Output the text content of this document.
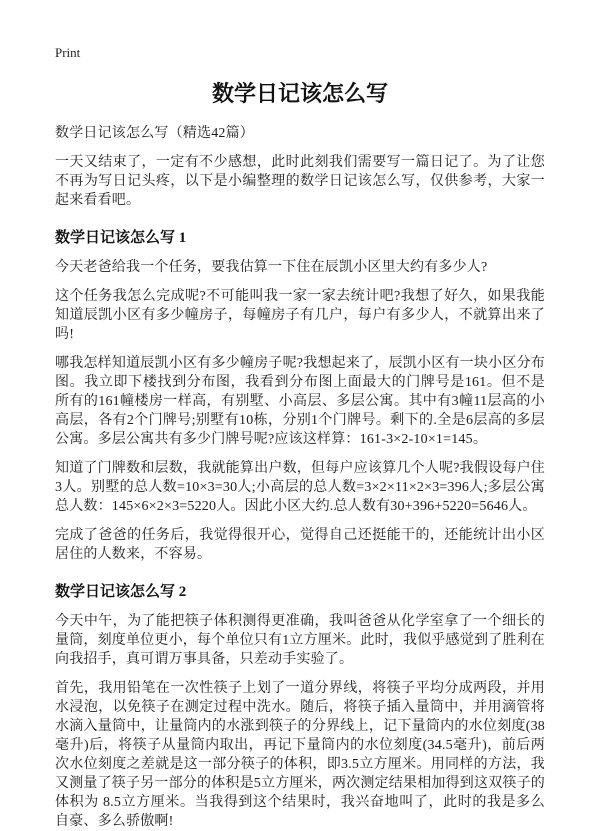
Print
数学日记该怎么写

数学日记该怎么写（精选42篇）

一天又结束了，一定有不少感想，此时此刻我们需要写一篇日记了。为了让您不再为写日记头疼，以下是小编整理的数学日记该怎么写，仅供参考，大家一起来看看吧。

数学日记该怎么写 1

今天老爸给我一个任务，要我估算一下住在辰凯小区里大约有多少人?

这个任务我怎么完成呢?不可能叫我一家一家去统计吧?我想了好久，如果我能知道辰凯小区有多少幢房子，每幢房子有几户，每户有多少人，不就算出来了吗!

哪我怎样知道辰凯小区有多少幢房子呢?我想起来了，辰凯小区有一块小区分布图。我立即下楼找到分布图，我看到分布图上面最大的门牌号是161。但不是所有的161幢楼房一样高，有别墅、小高层、多层公寓。其中有3幢11层高的小高层，各有2个门牌号;别墅有10栋，分别1个门牌号。剩下的.全是6层高的多层公寓。多层公寓共有多少门牌号呢?应该这样算：161-3×2-10×1=145。

知道了门牌数和层数，我就能算出户数，但每户应该算几个人呢?我假设每户住3人。别墅的总人数=10×3=30人;小高层的总人数=3×2×11×2×3=396人;多层公寓总人数：145×6×2×3=5220人。因此小区大约.总人数有30+396+5220=5646人。

完成了爸爸的任务后，我觉得很开心，觉得自己还挺能干的，还能统计出小区居住的人数来，不容易。

数学日记该怎么写 2

今天中午，为了能把筷子体积测得更准确，我叫爸爸从化学室拿了一个细长的量筒，刻度单位更小，每个单位只有1立方厘米。此时，我似乎感觉到了胜利在向我招手，真可谓万事具备，只差动手实验了。

首先，我用铅笔在一次性筷子上划了一道分界线，将筷子平均分成两段，并用水浸泡，以免筷子在测定过程中洗水。随后，将筷子插入量筒中，并用滴管将水滴入量筒中，让量筒内的水涨到筷子的分界线上，记下量筒内的水位刻度(38毫升)后，将筷子从量筒内取出，再记下量筒内的水位刻度(34.5毫升)，前后两次水位刻度之差就是这一部分筷子的体积，即3.5立方厘米。用同样的方法，我又测量了筷子另一部分的体积是5立方厘米，两次测定结果相加得到这双筷子的体积为 8.5立方厘米。当我得到这个结果时，我兴奋地叫了，此时的我是多么自豪、多么骄傲啊!
